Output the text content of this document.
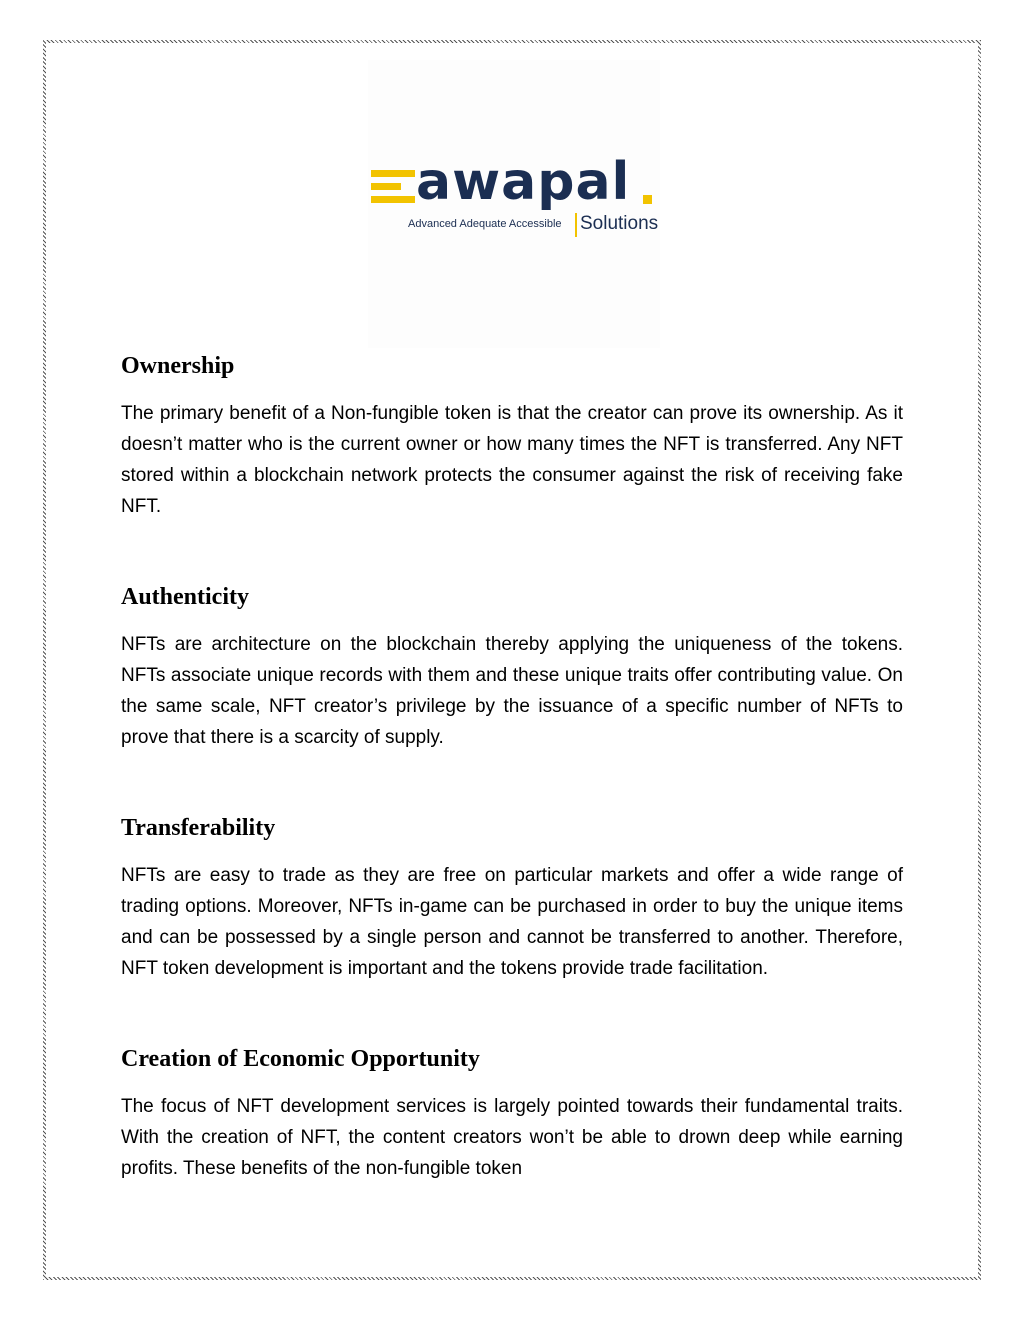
awapal
Advanced Adequate Accessible Solutions
Ownership

The primary benefit of a Non-fungible token is that the creator can prove its ownership. As it doesn’t matter who is the current owner or how many times the NFT is transferred. Any NFT stored within a blockchain network protects the consumer against the risk of receiving fake NFT.

Authenticity

NFTs are architecture on the blockchain thereby applying the uniqueness of the tokens. NFTs associate unique records with them and these unique traits offer contributing value. On the same scale, NFT creator’s privilege by the issuance of a specific number of NFTs to prove that there is a scarcity of supply.

Transferability

NFTs are easy to trade as they are free on particular markets and offer a wide range of trading options. Moreover, NFTs in-game can be purchased in order to buy the unique items and can be possessed by a single person and cannot be transferred to another. Therefore, NFT token development is important and the tokens provide trade facilitation.

Creation of Economic Opportunity

The focus of NFT development services is largely pointed towards their fundamental traits. With the creation of NFT, the content creators won’t be able to drown deep while earning profits. These benefits of the non-fungible token
